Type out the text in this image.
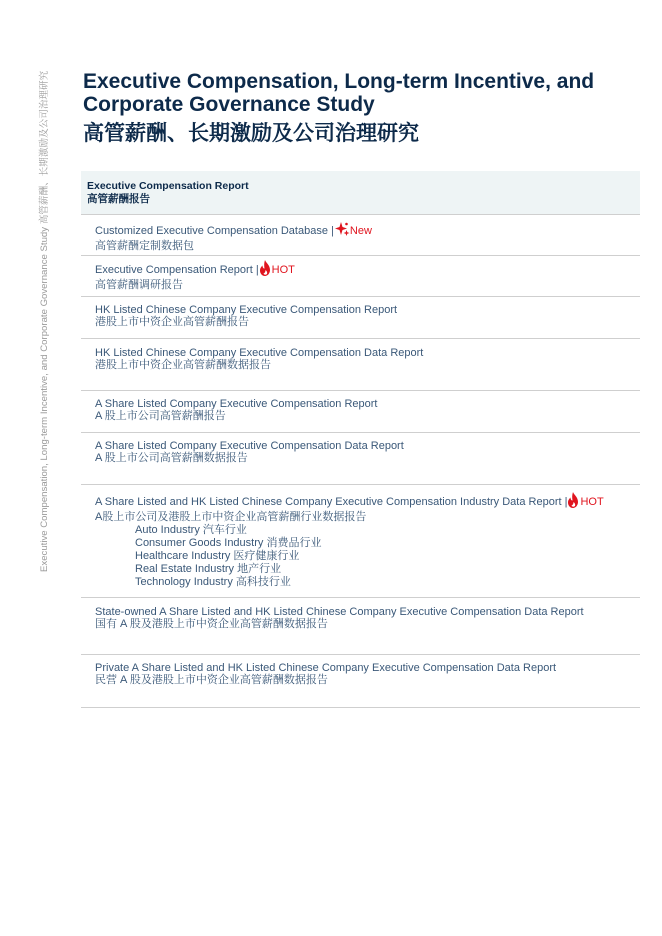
Executive Compensation, Long-term Incentive, and Corporate Governance Study 高管薪酬、长期激励及公司治理研究 Executive Compensation, Long-term Incentive, and
Corporate Governance Study
高管薪酬、长期激励及公司治理研究
Executive Compensation Report
高管薪酬报告
Customized Executive Compensation Database | New
高管薪酬定制数据包
Executive Compensation Report | HOT
高管薪酬调研报告
HK Listed Chinese Company Executive Compensation Report
港股上市中资企业高管薪酬报告
HK Listed Chinese Company Executive Compensation Data Report
港股上市中资企业高管薪酬数据报告
A Share Listed Company Executive Compensation Report
A 股上市公司高管薪酬报告
A Share Listed Company Executive Compensation Data Report
A 股上市公司高管薪酬数据报告
A Share Listed and HK Listed Chinese Company Executive Compensation Industry Data Report | HOT
A股上市公司及港股上市中资企业高管薪酬行业数据报告
Auto Industry 汽车行业
Consumer Goods Industry 消费品行业
Healthcare Industry 医疗健康行业
Real Estate Industry 地产行业
Technology Industry 高科技行业
State-owned A Share Listed and HK Listed Chinese Company Executive Compensation Data Report
国有 A 股及港股上市中资企业高管薪酬数据报告
Private A Share Listed and HK Listed Chinese Company Executive Compensation Data Report
民营 A 股及港股上市中资企业高管薪酬数据报告
